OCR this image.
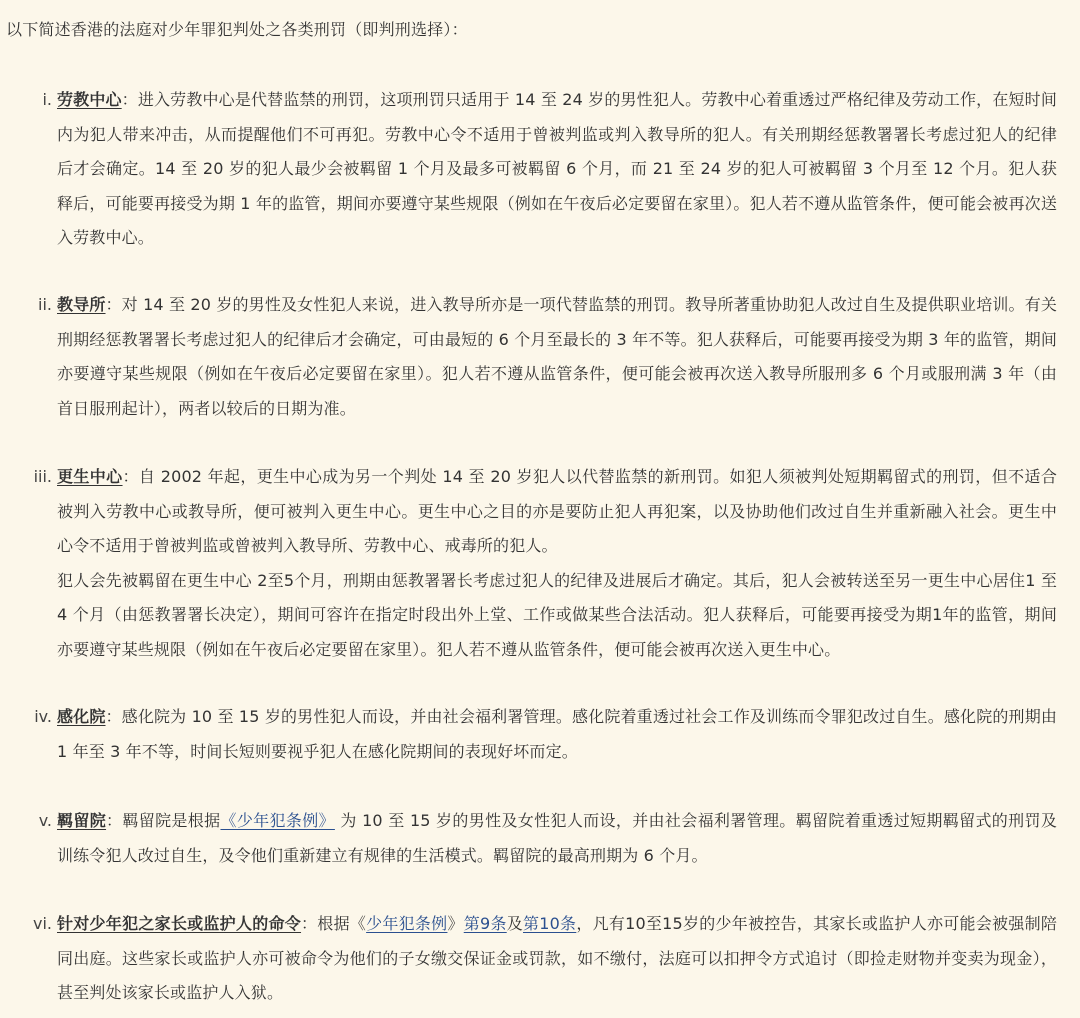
以下简述香港的法庭对少年罪犯判处之各类刑罚（即判刑选择）：
i. 劳教中心：进入劳教中心是代替监禁的刑罚，这项刑罚只适用于 14 至 24 岁的男性犯人。劳教中心着重透过严格纪律及劳动工作，在短时间内为犯人带来冲击，从而提醒他们不可再犯。劳教中心令不适用于曾被判监或判入教导所的犯人。有关刑期经惩教署署长考虑过犯人的纪律后才会确定。14 至 20 岁的犯人最少会被羁留 1 个月及最多可被羁留 6 个月，而 21 至 24 岁的犯人可被羁留 3 个月至 12 个月。犯人获释后，可能要再接受为期 1 年的监管，期间亦要遵守某些规限（例如在午夜后必定要留在家里）。犯人若不遵从监管条件，便可能会被再次送入劳教中心。
ii. 教导所：对 14 至 20 岁的男性及女性犯人来说，进入教导所亦是一项代替监禁的刑罚。教导所著重协助犯人改过自生及提供职业培训。有关刑期经惩教署署长考虑过犯人的纪律后才会确定，可由最短的 6 个月至最长的 3 年不等。犯人获释后，可能要再接受为期 3 年的监管，期间亦要遵守某些规限（例如在午夜后必定要留在家里）。犯人若不遵从监管条件，便可能会被再次送入教导所服刑多 6 个月或服刑满 3 年（由首日服刑起计），两者以较后的日期为准。
iii. 更生中心：自 2002 年起，更生中心成为另一个判处 14 至 20 岁犯人以代替监禁的新刑罚。如犯人须被判处短期羁留式的刑罚，但不适合被判入劳教中心或教导所，便可被判入更生中心。更生中心之目的亦是要防止犯人再犯案，以及协助他们改过自生并重新融入社会。更生中心令不适用于曾被判监或曾被判入教导所、劳教中心、戒毒所的犯人。
犯人会先被羁留在更生中心 2至5个月，刑期由惩教署署长考虑过犯人的纪律及进展后才确定。其后，犯人会被转送至另一更生中心居住1 至4 个月（由惩教署署长决定），期间可容许在指定时段出外上堂、工作或做某些合法活动。犯人获释后，可能要再接受为期1年的监管，期间亦要遵守某些规限（例如在午夜后必定要留在家里）。犯人若不遵从监管条件，便可能会被再次送入更生中心。
iv. 感化院：感化院为 10 至 15 岁的男性犯人而设，并由社会福利署管理。感化院着重透过社会工作及训练而令罪犯改过自生。感化院的刑期由 1 年至 3 年不等，时间长短则要视乎犯人在感化院期间的表现好坏而定。
v. 羁留院：羁留院是根据《少年犯条例》 为 10 至 15 岁的男性及女性犯人而设，并由社会福利署管理。羁留院着重透过短期羁留式的刑罚及训练令犯人改过自生，及令他们重新建立有规律的生活模式。羁留院的最高刑期为 6 个月。
vi. 针对少年犯之家长或监护人的命令：根据《少年犯条例》第9条及第10条，凡有10至15岁的少年被控告，其家长或监护人亦可能会被强制陪同出庭。这些家长或监护人亦可被命令为他们的子女缴交保证金或罚款，如不缴付，法庭可以扣押令方式追讨（即捡走财物并变卖为现金），甚至判处该家长或监护人入狱。
